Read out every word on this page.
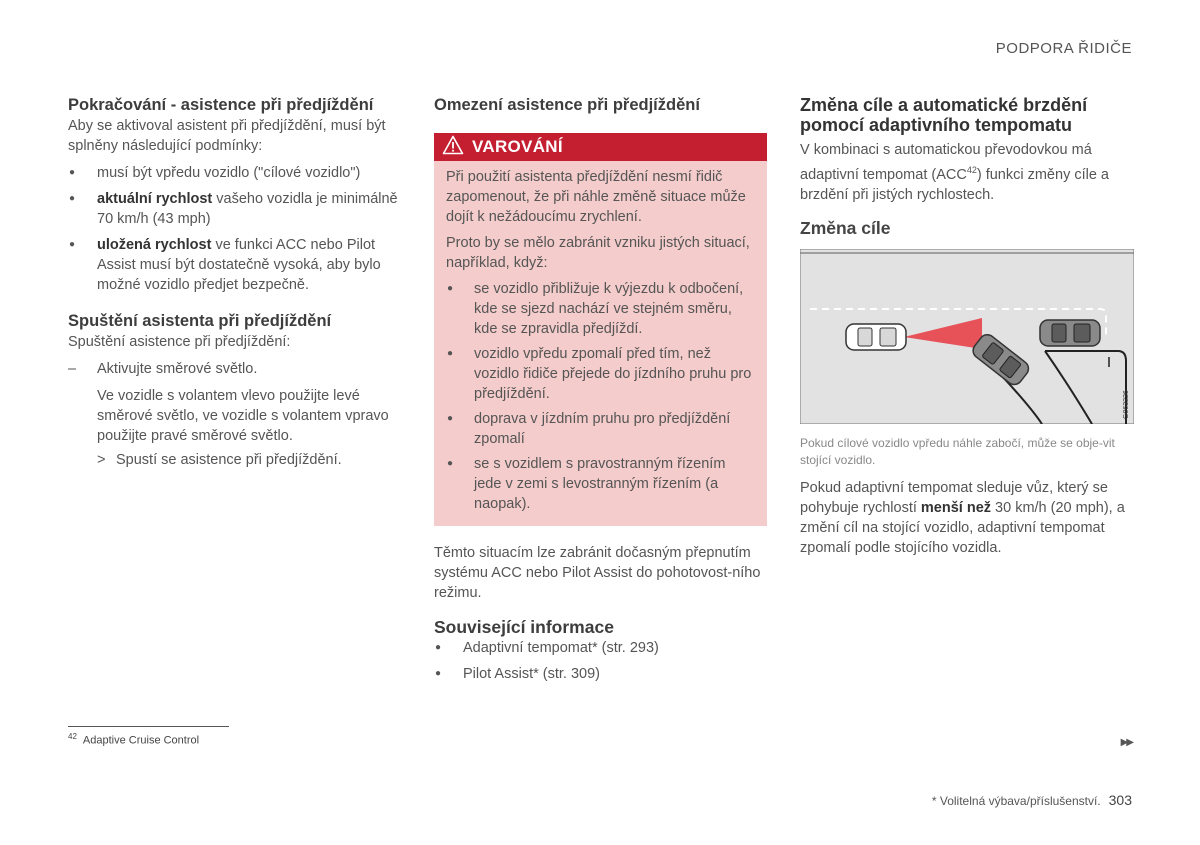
PODPORA ŘIDIČE
Pokračování - asistence při předjíždění
Aby se aktivoval asistent při předjíždění, musí být splněny následující podmínky:
● musí být vpředu vozidlo ("cílové vozidlo")
● aktuální rychlost vašeho vozidla je minimálně 70 km/h (43 mph)
● uložená rychlost ve funkci ACC nebo Pilot Assist musí být dostatečně vysoká, aby bylo možné vozidlo předjet bezpečně.
Spuštění asistenta při předjíždění
Spuštění asistence při předjíždění:
– Aktivujte směrové světlo.
Ve vozidle s volantem vlevo použijte levé směrové světlo, ve vozidle s volantem vpravo použijte pravé směrové světlo.
> Spustí se asistence při předjíždění.
Omezení asistence při předjíždění
VAROVÁNÍ
Při použití asistenta předjíždění nesmí řidič zapomenout, že při náhle změně situace může dojít k nežádoucímu zrychlení.
Proto by se mělo zabránit vzniku jistých situací, například, když:
● se vozidlo přibližuje k výjezdu k odbočení, kde se sjezd nachází ve stejném směru, kde se zpravidla předjíždí.
● vozidlo vpředu zpomalí před tím, než vozidlo řidiče přejede do jízdního pruhu pro předjíždění.
● doprava v jízdním pruhu pro předjíždění zpomalí
● se s vozidlem s pravostranným řízením jede v zemi s levostranným řízením (a naopak).
Těmto situacím lze zabránit dočasným přepnutím systému ACC nebo Pilot Assist do pohotovost-ního režimu.
Související informace
● Adaptivní tempomat* (str. 293)
● Pilot Assist* (str. 309)
Změna cíle a automatické brzdění pomocí adaptivního tempomatu
V kombinaci s automatickou převodovkou má adaptivní tempomat (ACC$^{42}$) funkci změny cíle a brzdění při jistých rychlostech.
Změna cíle
G063226
Pokud cílové vozidlo vpředu náhle zabočí, může se obje-vit stojící vozidlo.
Pokud adaptivní tempomat sleduje vůz, který se pohybuje rychlostí menší než 30 km/h (20 mph), a změní cíl na stojící vozidlo, adaptivní tempomat zpomalí podle stojícího vozidla.
$^{42}$ Adaptive Cruise Control	▶▶
* Volitelná výbava/příslušenství. 303
